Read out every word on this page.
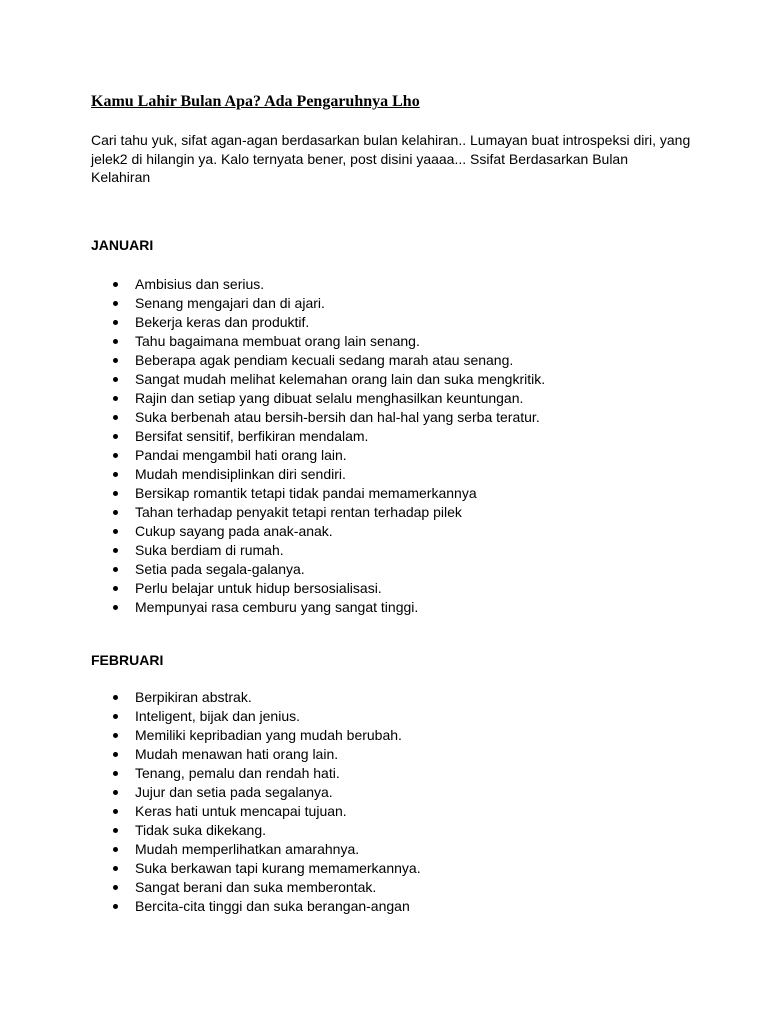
Kamu Lahir Bulan Apa? Ada Pengaruhnya Lho

Cari tahu yuk, sifat agan-agan berdasarkan bulan kelahiran.. Lumayan buat introspeksi diri, yang jelek2 di hilangin ya. Kalo ternyata bener, post disini yaaaa... Ssifat Berdasarkan Bulan Kelahiran

JANUARI
Ambisius dan serius.
Senang mengajari dan di ajari.
Bekerja keras dan produktif.
Tahu bagaimana membuat orang lain senang.
Beberapa agak pendiam kecuali sedang marah atau senang.
Sangat mudah melihat kelemahan orang lain dan suka mengkritik.
Rajin dan setiap yang dibuat selalu menghasilkan keuntungan.
Suka berbenah atau bersih-bersih dan hal-hal yang serba teratur.
Bersifat sensitif, berfikiran mendalam.
Pandai mengambil hati orang lain.
Mudah mendisiplinkan diri sendiri.
Bersikap romantik tetapi tidak pandai memamerkannya
Tahan terhadap penyakit tetapi rentan terhadap pilek
Cukup sayang pada anak-anak.
Suka berdiam di rumah.
Setia pada segala-galanya.
Perlu belajar untuk hidup bersosialisasi.
Mempunyai rasa cemburu yang sangat tinggi.
FEBRUARI
Berpikiran abstrak.
Inteligent, bijak dan jenius.
Memiliki kepribadian yang mudah berubah.
Mudah menawan hati orang lain.
Tenang, pemalu dan rendah hati.
Jujur dan setia pada segalanya.
Keras hati untuk mencapai tujuan.
Tidak suka dikekang.
Mudah memperlihatkan amarahnya.
Suka berkawan tapi kurang memamerkannya.
Sangat berani dan suka memberontak.
Bercita-cita tinggi dan suka berangan-angan
